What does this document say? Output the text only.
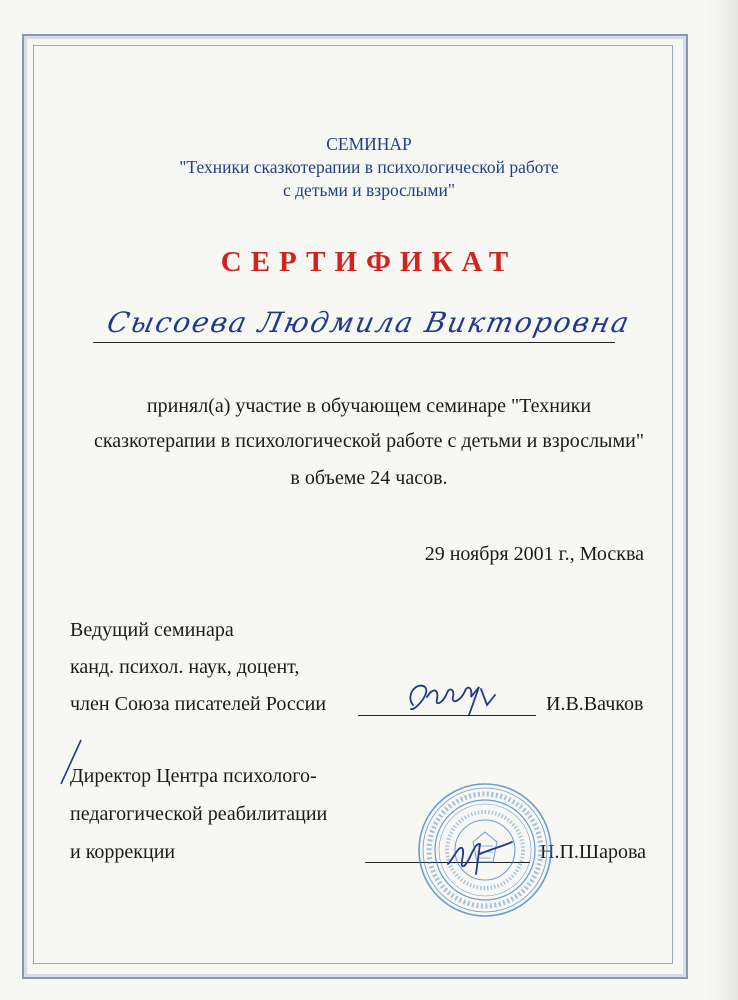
СЕМИНАР
"Техники сказкотерапии в психологической работе
с детьми и взрослыми"
СЕРТИФИКАТ
Сысоева Людмила Викторовна
принял(а) участие в обучающем семинаре "Техники
сказкотерапии в психологической работе с детьми и взрослыми"
в объеме 24 часов.
29 ноября 2001 г., Москва
Ведущий семинара
канд. психол. наук, доцент,
член Союза писателей России	И.В.Вачков
Директор Центра психолого-
педагогической реабилитации
и коррекции	Н.П.Шарова
